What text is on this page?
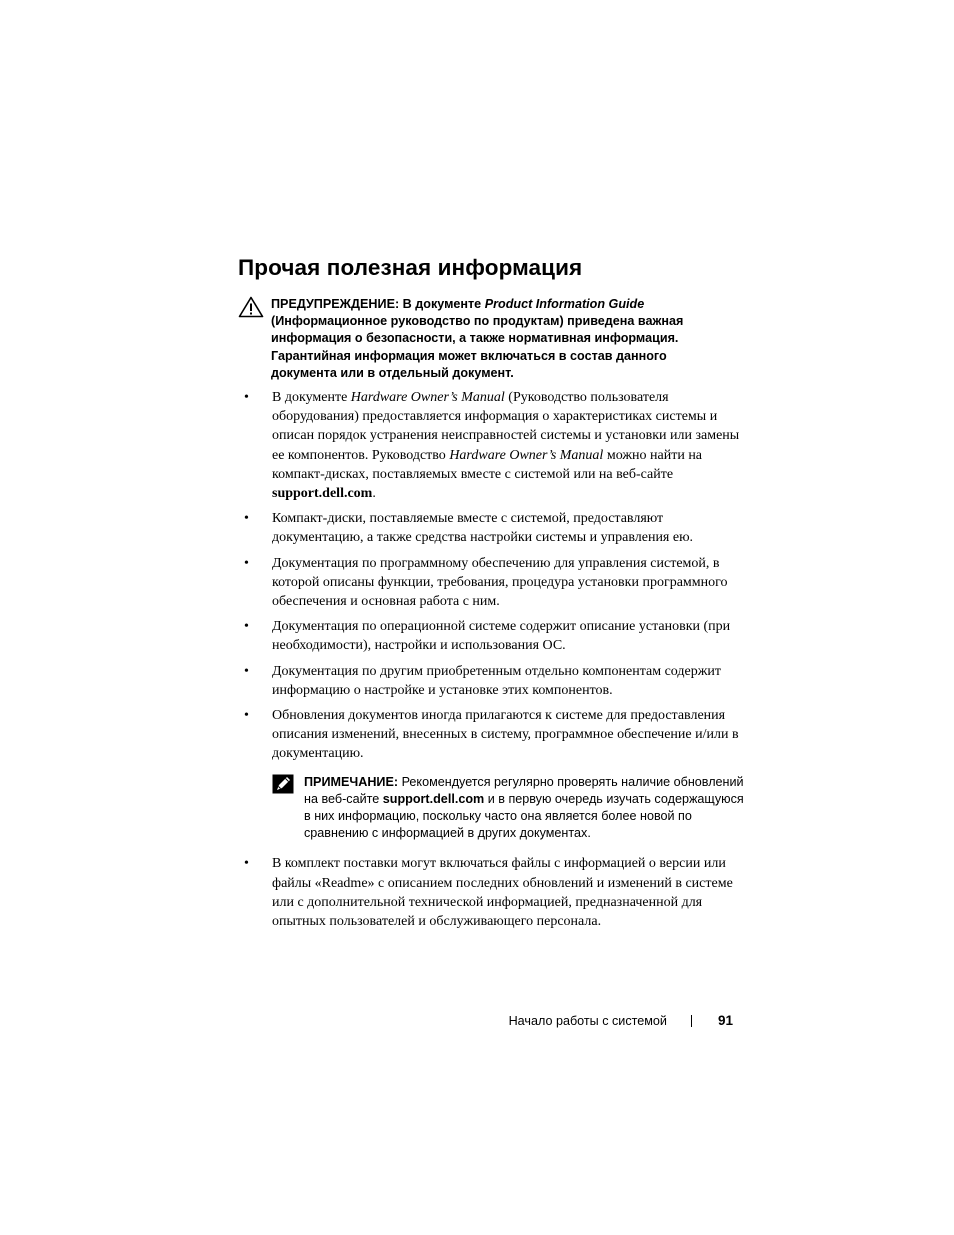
Прочая полезная информация
ПРЕДУПРЕЖДЕНИЕ: В документе Product Information Guide (Информационное руководство по продуктам) приведена важная информация о безопасности, а также нормативная информация. Гарантийная информация может включаться в состав данного документа или в отдельный документ.
• В документе Hardware Owner’s Manual (Руководство пользователя оборудования) предоставляется информация о характеристиках системы и описан порядок устранения неисправностей системы и установки или замены ее компонентов. Руководство Hardware Owner’s Manual можно найти на компакт-дисках, поставляемых вместе с системой или на веб-сайте support.dell.com.
• Компакт-диски, поставляемые вместе с системой, предоставляют документацию, а также средства настройки системы и управления ею.
• Документация по программному обеспечению для управления системой, в которой описаны функции, требования, процедура установки программного обеспечения и основная работа с ним.
• Документация по операционной системе содержит описание установки (при необходимости), настройки и использования ОС.
• Документация по другим приобретенным отдельно компонентам содержит информацию о настройке и установке этих компонентов.
• Обновления документов иногда прилагаются к системе для предоставления описания изменений, внесенных в систему, программное обеспечение и/или в документацию.
ПРИМЕЧАНИЕ: Рекомендуется регулярно проверять наличие обновлений на веб-сайте support.dell.com и в первую очередь изучать содержащуюся в них информацию, поскольку часто она является более новой по сравнению с информацией в других документах.
• В комплект поставки могут включаться файлы с информацией о версии или файлы «Readme» с описанием последних обновлений и изменений в системе или с дополнительной технической информацией, предназначенной для опытных пользователей и обслуживающего персонала.
Начало работы с системой	91
